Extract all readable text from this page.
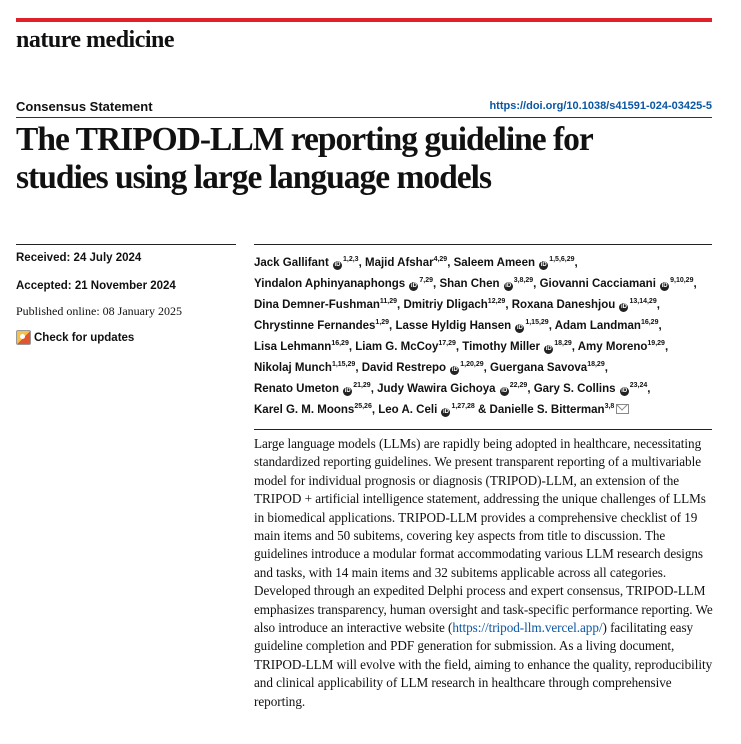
nature medicine
Consensus Statement	https://doi.org/10.1038/s41591-024-03425-5
The TRIPOD-LLM reporting guideline for
studies using large language models
Received: 24 July 2024
Accepted: 21 November 2024
Published online: 08 January 2025
Check for updates
Jack Gallifant iD$^{1,2,3}$, Majid Afshar$^{4,29}$, Saleem Ameen iD$^{1,5,6,29}$, Yindalon Aphinyanaphongs iD$^{7,29}$, Shan Chen iD$^{3,8,29}$, Giovanni Cacciamani iD$^{9,10,29}$, Dina Demner-Fushman$^{11,29}$, Dmitriy Dligach$^{12,29}$, Roxana Daneshjou iD$^{13,14,29}$, Chrystinne Fernandes$^{1,29}$, Lasse Hyldig Hansen iD$^{1,15,29}$, Adam Landman$^{16,29}$, Lisa Lehmann$^{16,29}$, Liam G. McCoy$^{17,29}$, Timothy Miller iD$^{18,29}$, Amy Moreno$^{19,29}$, Nikolaj Munch$^{1,15,29}$, David Restrepo iD$^{1,20,29}$, Guergana Savova$^{18,29}$, Renato Umeton iD$^{21,29}$, Judy Wawira Gichoya iD$^{22,29}$, Gary S. Collins iD$^{23,24}$, Karel G. M. Moons$^{25,26}$, Leo A. Celi iD$^{1,27,28}$ & Danielle S. Bitterman$^{3,8}$

Large language models (LLMs) are rapidly being adopted in healthcare, necessitating standardized reporting guidelines. We present transparent reporting of a multivariable model for individual prognosis or diagnosis (TRIPOD)-LLM, an extension of the TRIPOD + artificial intelligence statement, addressing the unique challenges of LLMs in biomedical applications. TRIPOD-LLM provides a comprehensive checklist of 19 main items and 50 subitems, covering key aspects from title to discussion. The guidelines introduce a modular format accommodating various LLM research designs and tasks, with 14 main items and 32 subitems applicable across all categories. Developed through an expedited Delphi process and expert consensus, TRIPOD-LLM emphasizes transparency, human oversight and task-specific performance reporting. We also introduce an interactive website (https://tripod-llm.vercel.app/) facilitating easy guideline completion and PDF generation for submission. As a living document, TRIPOD-LLM will evolve with the field, aiming to enhance the quality, reproducibility and clinical applicability of LLM research in healthcare through comprehensive reporting.
